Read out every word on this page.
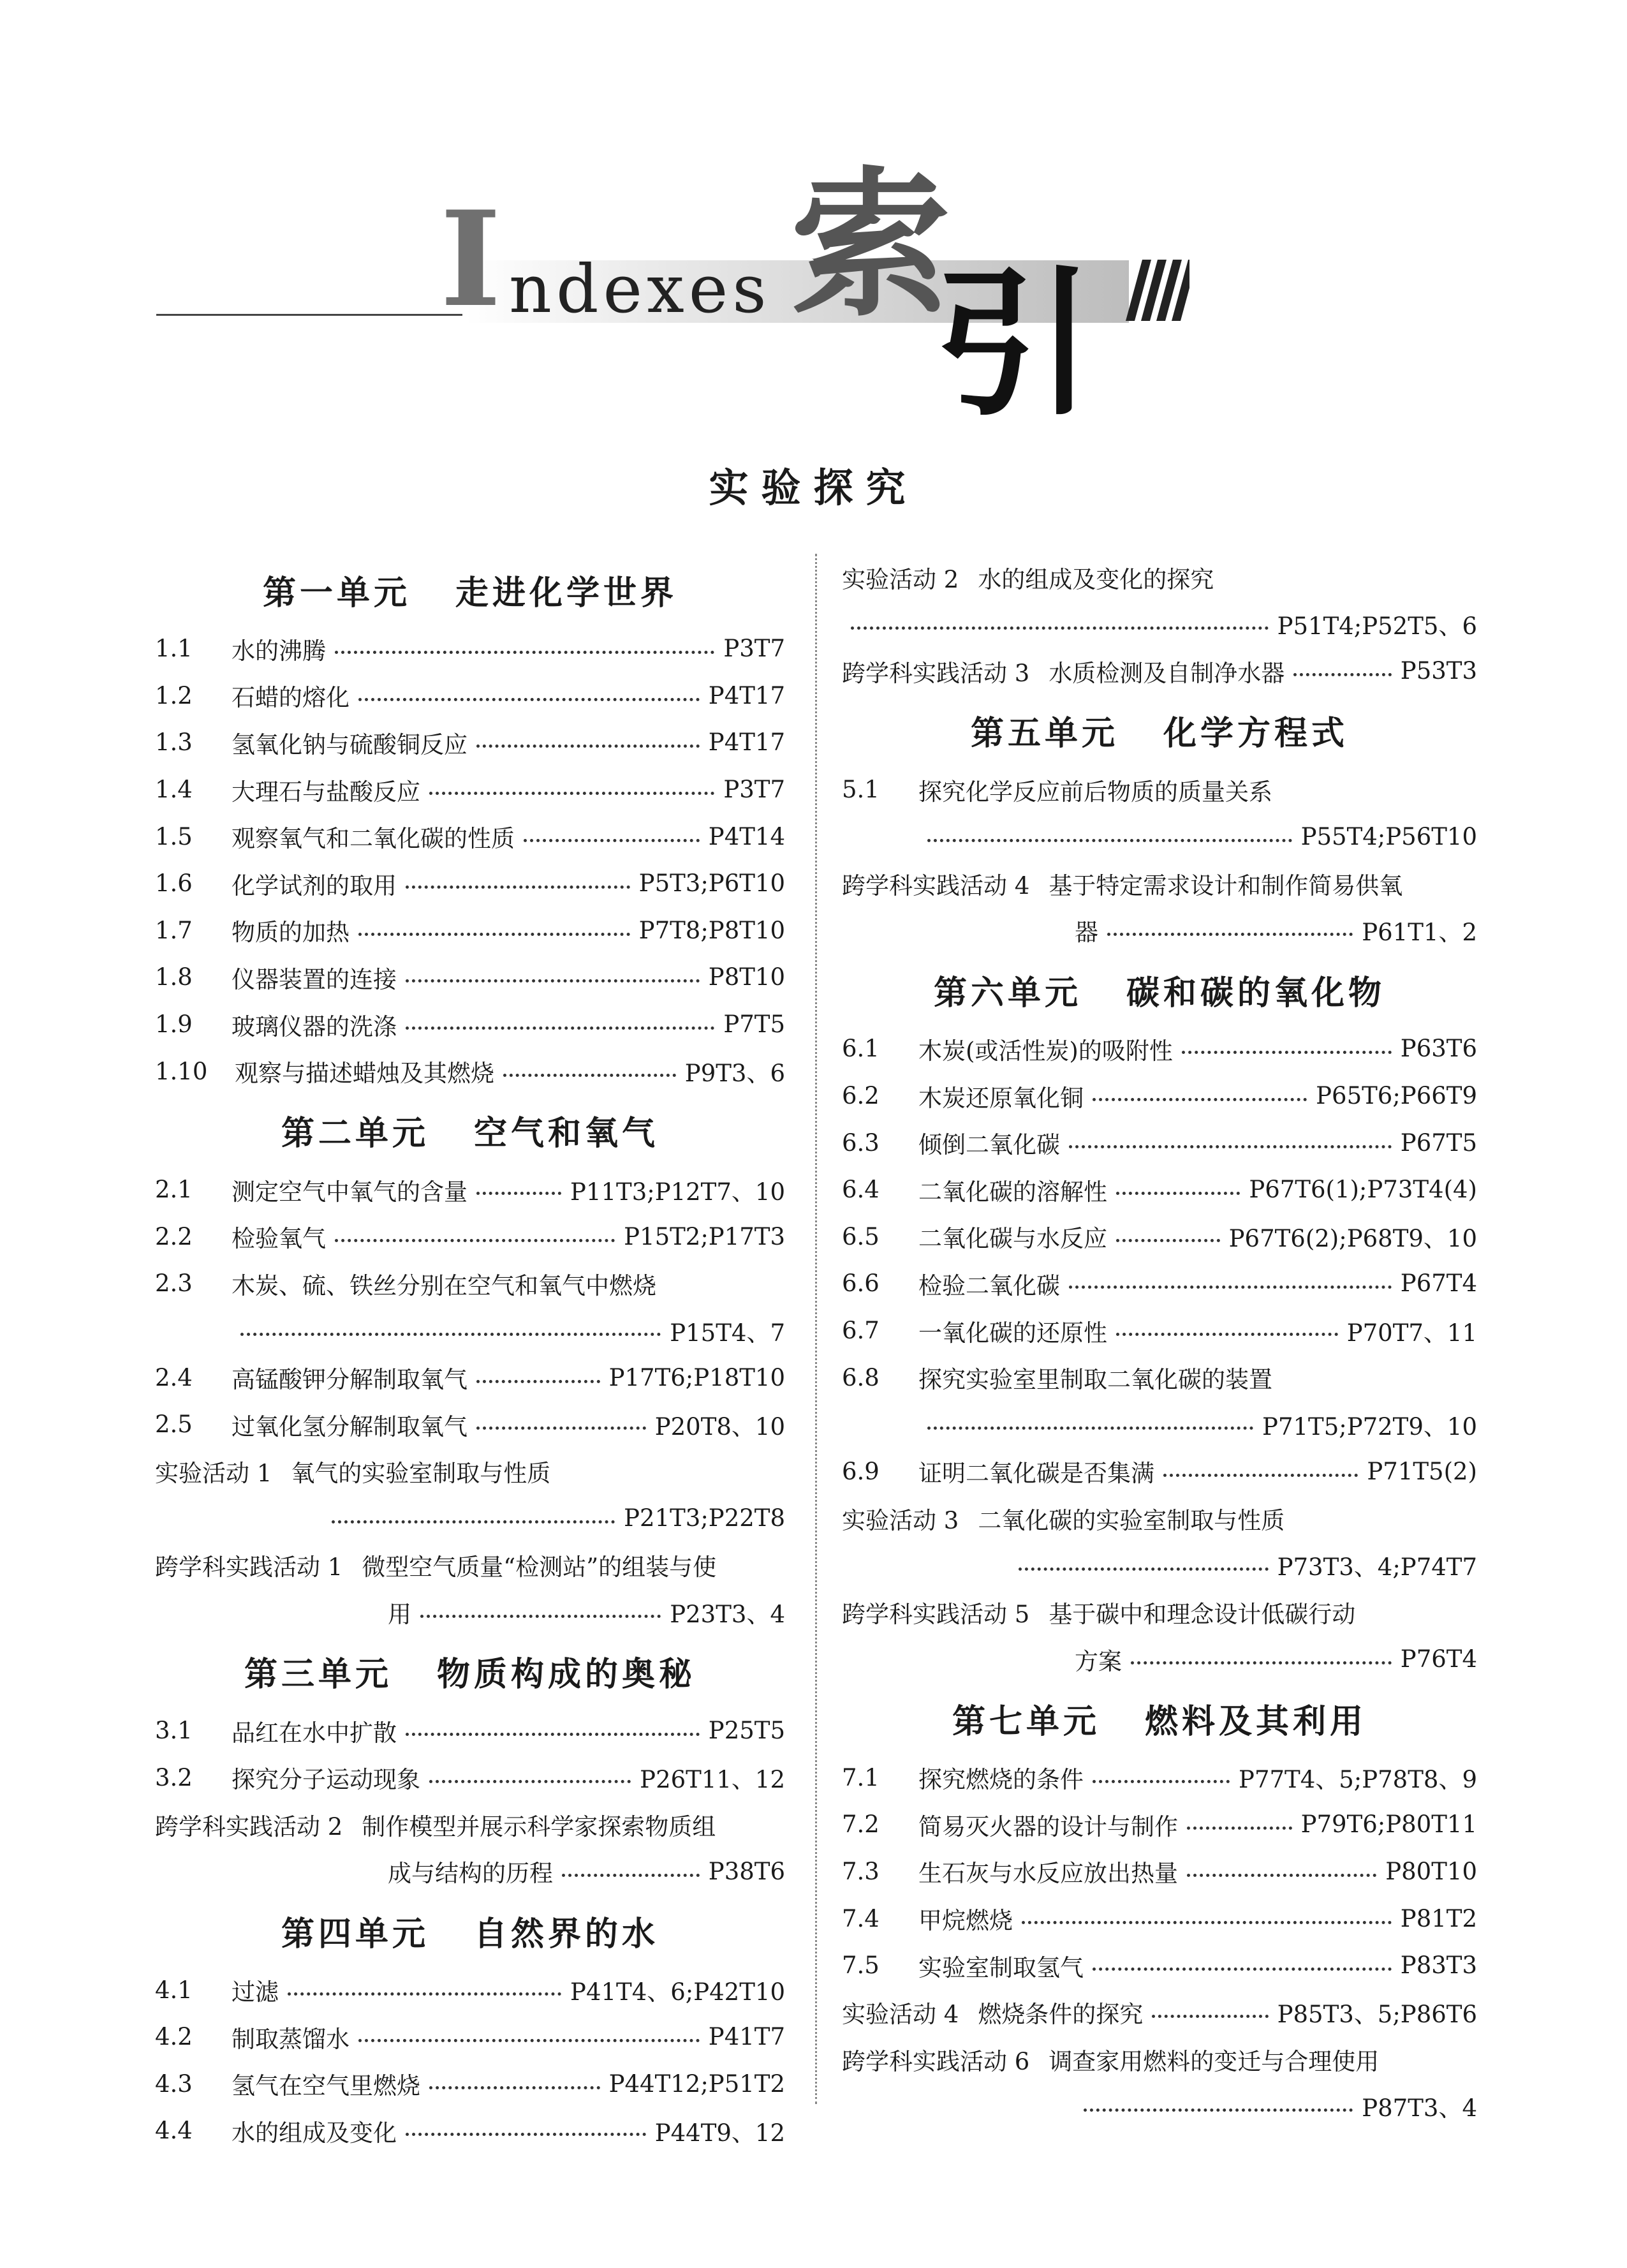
I ndexes 索
引
实验探究
第一单元 走进化学世界
1.1	水的沸腾	P3T7
1.2	石蜡的熔化	P4T17
1.3	氢氧化钠与硫酸铜反应	P4T17
1.4	大理石与盐酸反应	P3T7
1.5	观察氧气和二氧化碳的性质	P4T14
1.6	化学试剂的取用	P5T3;P6T10
1.7	物质的加热	P7T8;P8T10
1.8	仪器装置的连接	P8T10
1.9	玻璃仪器的洗涤	P7T5
1.10	观察与描述蜡烛及其燃烧	P9T3、6
第二单元 空气和氧气
2.1	测定空气中氧气的含量	P11T3;P12T7、10
2.2	检验氧气	P15T2;P17T3
2.3	木炭、硫、铁丝分别在空气和氧气中燃烧
P15T4、7
2.4	高锰酸钾分解制取氧气	P17T6;P18T10
2.5	过氧化氢分解制取氧气	P20T8、10
实验活动 1 氧气的实验室制取与性质
P21T3;P22T8
跨学科实践活动 1 微型空气质量“检测站”的组装与使
用	P23T3、4
第三单元 物质构成的奥秘
3.1	品红在水中扩散	P25T5
3.2	探究分子运动现象	P26T11、12
跨学科实践活动 2 制作模型并展示科学家探索物质组
成与结构的历程	P38T6
第四单元 自然界的水
4.1	过滤	P41T4、6;P42T10
4.2	制取蒸馏水	P41T7
4.3	氢气在空气里燃烧	P44T12;P51T2
4.4	水的组成及变化	P44T9、12
实验活动 2 水的组成及变化的探究
P51T4;P52T5、6
跨学科实践活动 3 水质检测及自制净水器	P53T3
第五单元 化学方程式
5.1	探究化学反应前后物质的质量关系
P55T4;P56T10
跨学科实践活动 4 基于特定需求设计和制作简易供氧
器	P61T1、2
第六单元 碳和碳的氧化物
6.1	木炭(或活性炭)的吸附性	P63T6
6.2	木炭还原氧化铜	P65T6;P66T9
6.3	倾倒二氧化碳	P67T5
6.4	二氧化碳的溶解性	P67T6(1);P73T4(4)
6.5	二氧化碳与水反应	P67T6(2);P68T9、10
6.6	检验二氧化碳	P67T4
6.7	一氧化碳的还原性	P70T7、11
6.8	探究实验室里制取二氧化碳的装置
P71T5;P72T9、10
6.9	证明二氧化碳是否集满	P71T5(2)
实验活动 3 二氧化碳的实验室制取与性质
P73T3、4;P74T7
跨学科实践活动 5 基于碳中和理念设计低碳行动
方案	P76T4
第七单元 燃料及其利用
7.1	探究燃烧的条件	P77T4、5;P78T8、9
7.2	简易灭火器的设计与制作	P79T6;P80T11
7.3	生石灰与水反应放出热量	P80T10
7.4	甲烷燃烧	P81T2
7.5	实验室制取氢气	P83T3
实验活动 4 燃烧条件的探究	P85T3、5;P86T6
跨学科实践活动 6 调查家用燃料的变迁与合理使用
P87T3、4
